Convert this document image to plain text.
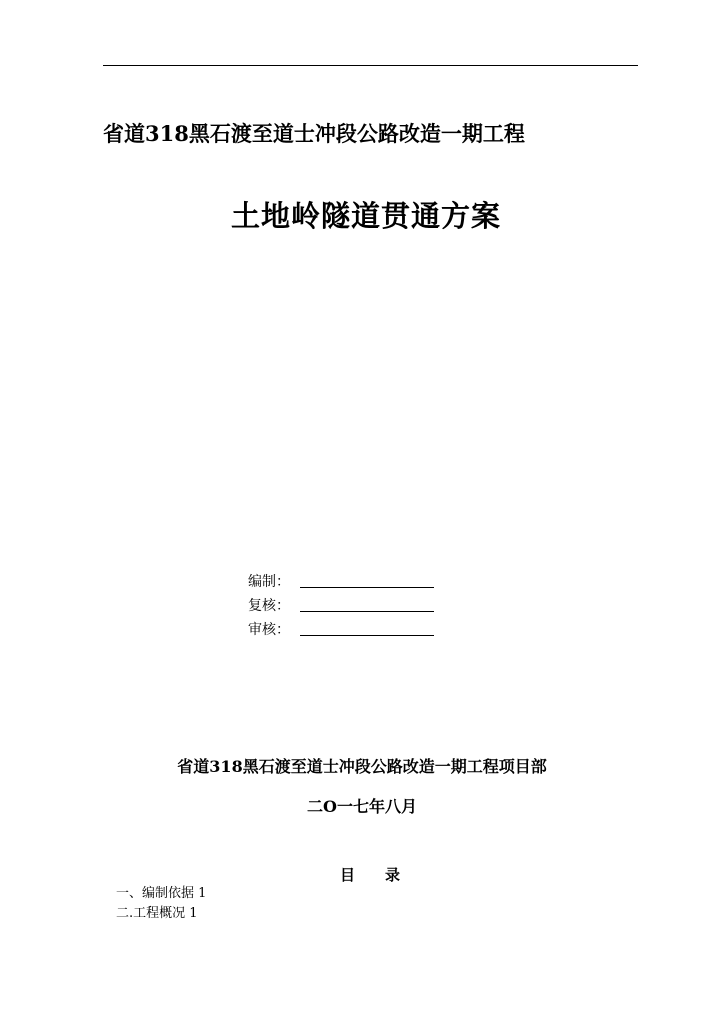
省道318黑石渡至道士冲段公路改造一期工程
土地岭隧道贯通方案
编制：
复核：
审核：
省道318黑石渡至道士冲段公路改造一期工程项目部
二O一七年八月
目 录
一、编制依据 1
二.工程概况 1
